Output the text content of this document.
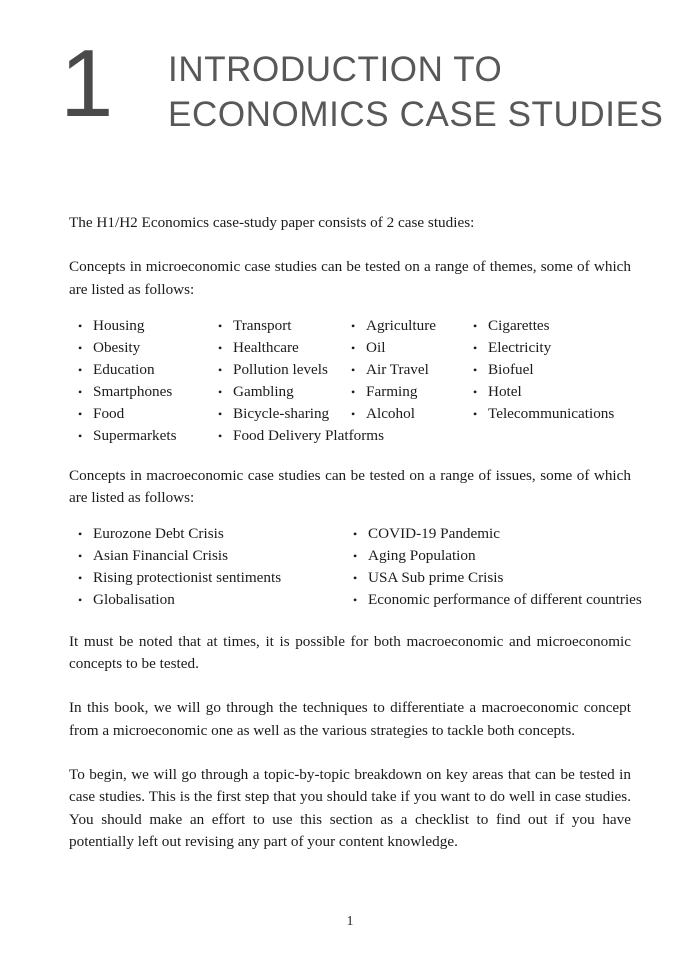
1 INTRODUCTION TO
ECONOMICS CASE STUDIES

The H1/H2 Economics case-study paper consists of 2 case studies:

Concepts in microeconomic case studies can be tested on a range of themes, some of which are listed as follows:

• Housing	• Transport	• Agriculture	• Cigarettes
• Obesity	• Healthcare	• Oil	• Electricity
• Education	• Pollution levels	• Air Travel	• Biofuel
• Smartphones	• Gambling	• Farming	• Hotel
• Food	• Bicycle-sharing	• Alcohol	• Telecommunications
• Supermarkets	• Food Delivery Platforms

Concepts in macroeconomic case studies can be tested on a range of issues, some of which are listed as follows:

• Eurozone Debt Crisis	• COVID-19 Pandemic
• Asian Financial Crisis	• Aging Population
• Rising protectionist sentiments	• USA Sub prime Crisis
• Globalisation	• Economic performance of different countries

It must be noted that at times, it is possible for both macroeconomic and microeconomic concepts to be tested.

In this book, we will go through the techniques to differentiate a macroeconomic concept from a microeconomic one as well as the various strategies to tackle both concepts.

To begin, we will go through a topic-by-topic breakdown on key areas that can be tested in case studies. This is the first step that you should take if you want to do well in case studies. You should make an effort to use this section as a checklist to find out if you have potentially left out revising any part of your content knowledge.

1
